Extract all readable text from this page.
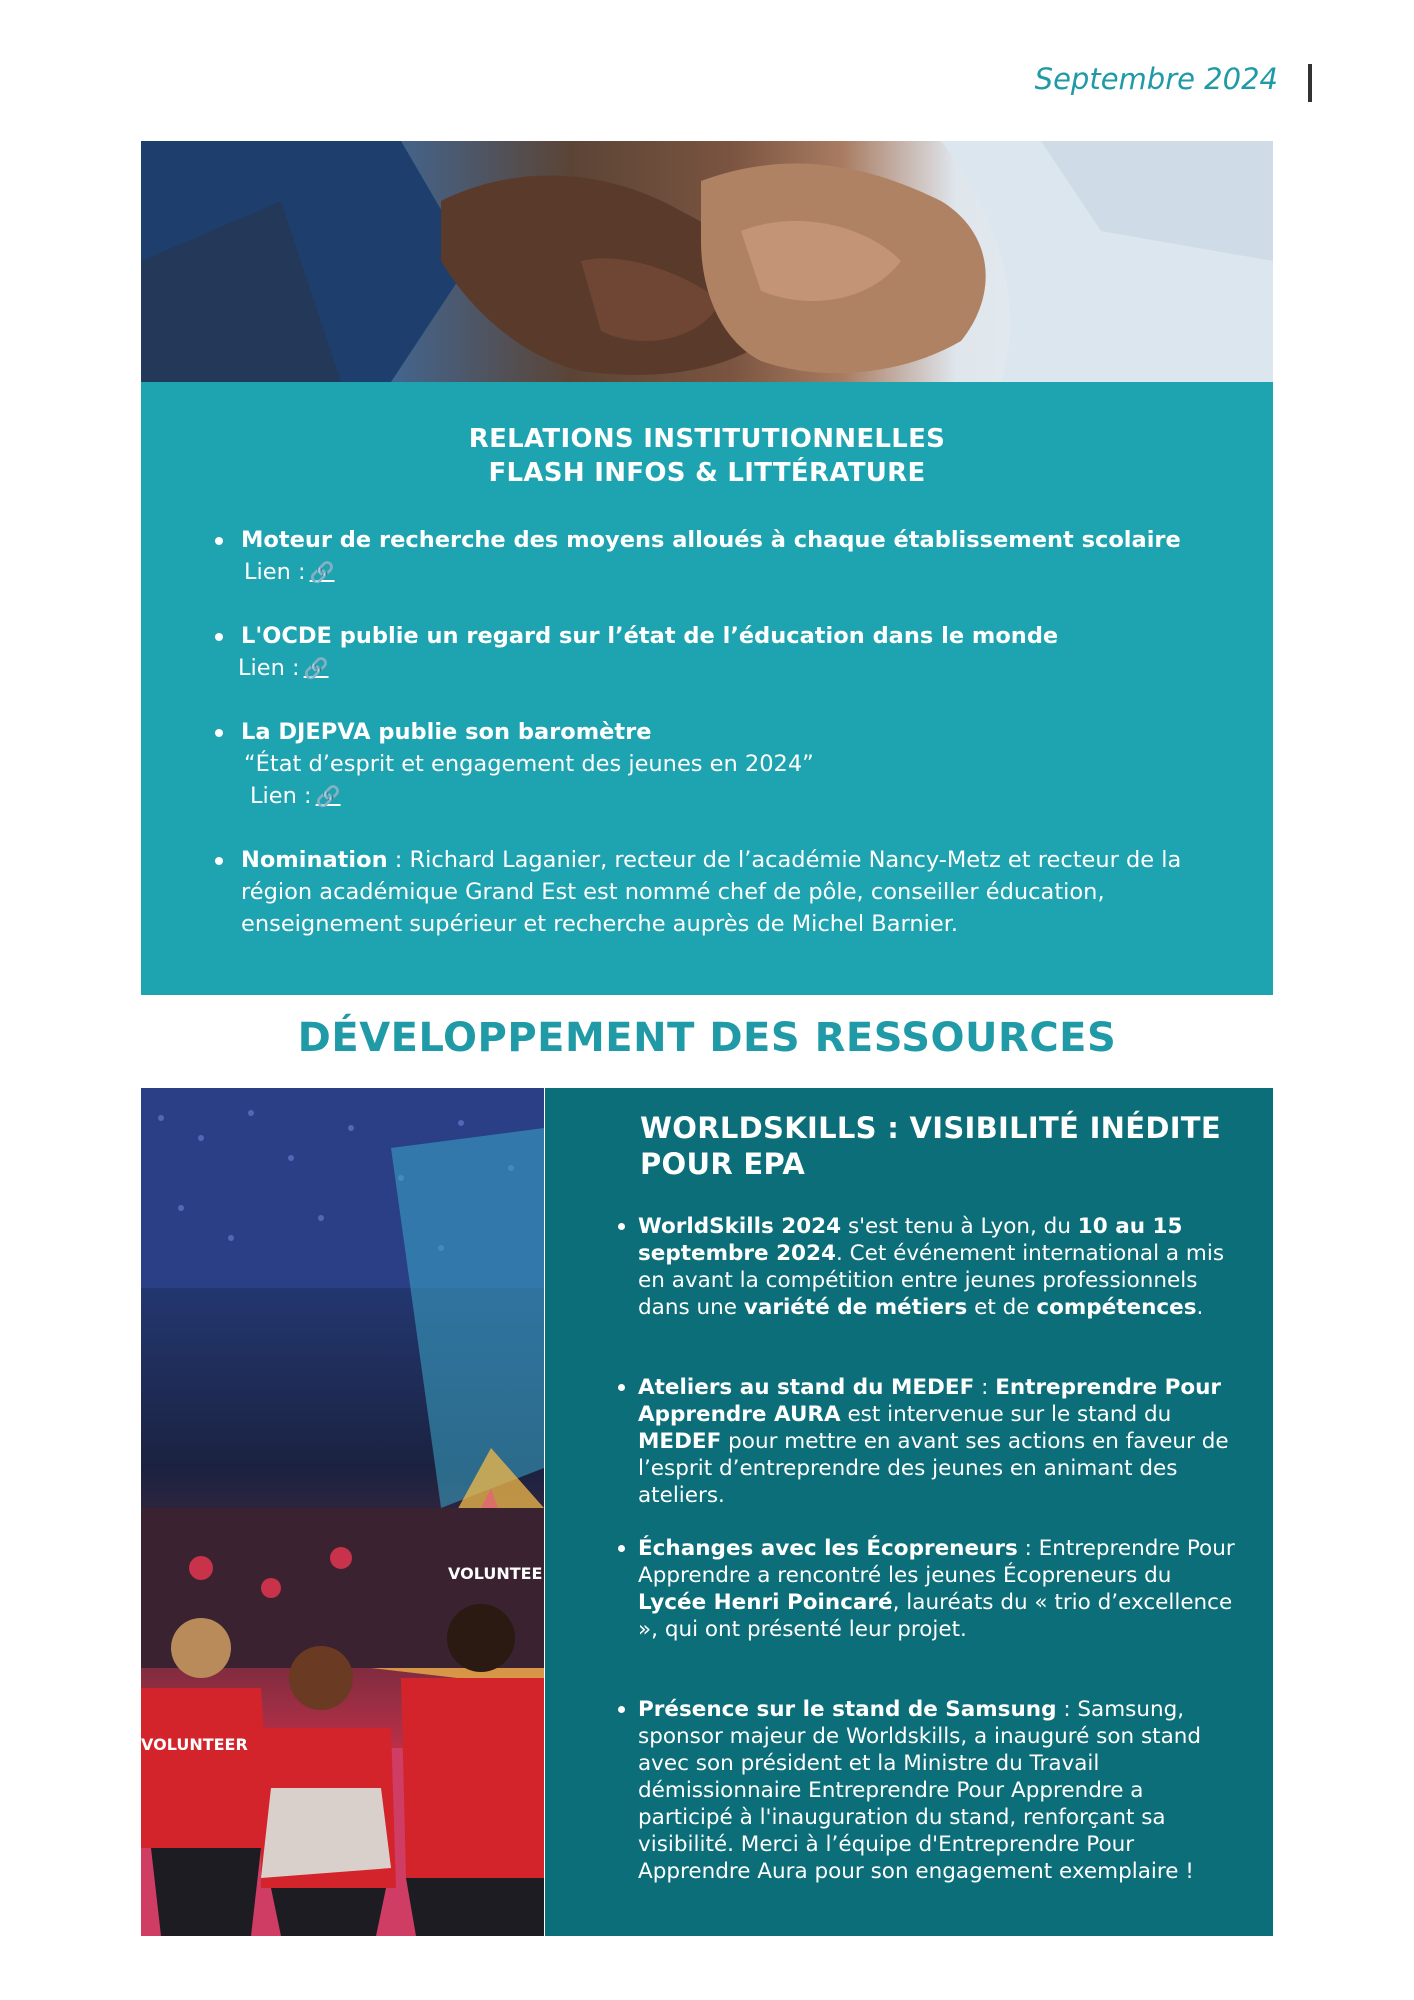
Septembre 2024
RELATIONS INSTITUTIONNELLES
FLASH INFOS & LITTÉRATURE
Moteur de recherche des moyens alloués à chaque établissement scolaire
Lien : 🔗
L'OCDE publie un regard sur l’état de l’éducation dans le monde
Lien : 🔗
La DJEPVA publie son baromètre
“État d’esprit et engagement des jeunes en 2024”
Lien : 🔗
Nomination : Richard Laganier, recteur de l’académie Nancy-Metz et recteur de la région académique Grand Est est nommé chef de pôle, conseiller éducation, enseignement supérieur et recherche auprès de Michel Barnier.
DÉVELOPPEMENT DES RESSOURCES
VOLUNTEER
VOLUNTEE
WORLDSKILLS : VISIBILITÉ INÉDITE
POUR EPA
WorldSkills 2024 s'est tenu à Lyon, du 10 au 15 septembre 2024. Cet événement international a mis en avant la compétition entre jeunes professionnels dans une variété de métiers et de compétences.
Ateliers au stand du MEDEF : Entreprendre Pour Apprendre AURA est intervenue sur le stand du MEDEF pour mettre en avant ses actions en faveur de l’esprit d’entreprendre des jeunes en animant des ateliers.
Échanges avec les Écopreneurs : Entreprendre Pour Apprendre a rencontré les jeunes Écopreneurs du Lycée Henri Poincaré, lauréats du « trio d’excellence », qui ont présenté leur projet.
Présence sur le stand de Samsung : Samsung, sponsor majeur de Worldskills, a inauguré son stand avec son président et la Ministre du Travail démissionnaire Entreprendre Pour Apprendre a participé à l'inauguration du stand, renforçant sa visibilité. Merci à l’équipe d'Entreprendre Pour Apprendre Aura pour son engagement exemplaire !
